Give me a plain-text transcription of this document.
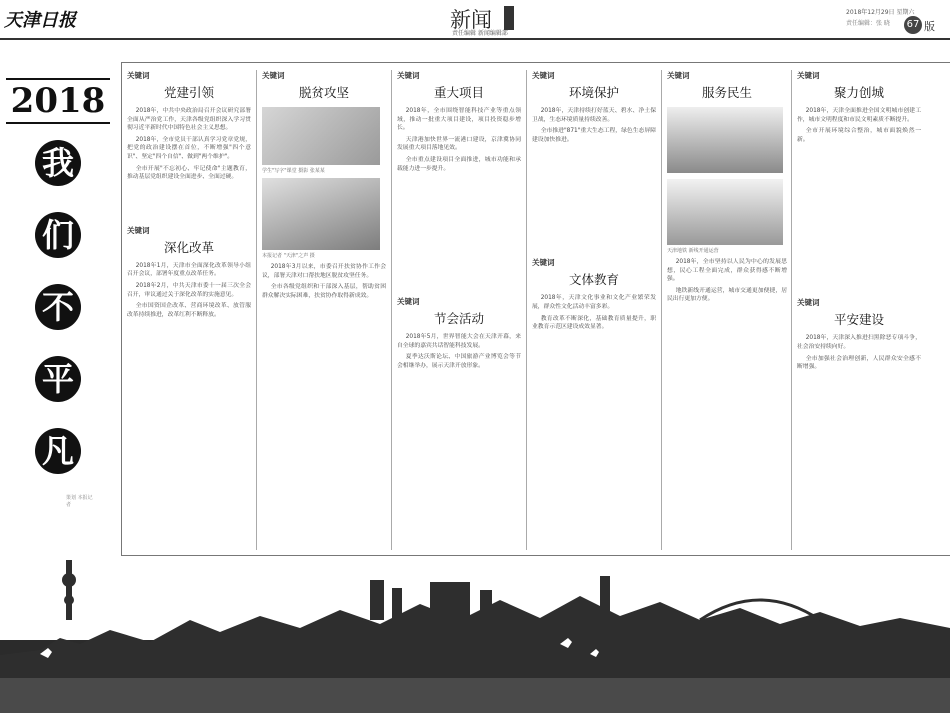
天津日报	新闻
责任编辑 新闻编辑部
2018年12月29日 星期六
责任编辑：张 晓 67 版
2018
我
们
不
平
凡
策划 本报记者
关键词
党建引领

2018年，中共中央政治局召开会议研究部署全面从严治党工作，天津各级党组织深入学习贯彻习近平新时代中国特色社会主义思想。

2018年，全市党员干部认真学习党章党规，把党的政治建设摆在首位，不断增强"四个意识"、坚定"四个自信"、做到"两个维护"。

全市开展"不忘初心、牢记使命"主题教育，推动基层党组织建设全面进步、全面过硬。

关键词
深化改革

2018年1月，天津市全面深化改革领导小组召开会议，部署年度重点改革任务。

2018年2月，中共天津市委十一届三次全会召开，审议通过关于深化改革的实施意见。

全市国资国企改革、营商环境改革、放管服改革持续推进，改革红利不断释放。

关键词
脱贫攻坚
学生"写字"课堂 摄影 张某某
本报记者 "天津"之声 摄

2018年3月以来，市委召开扶贫协作工作会议，部署天津对口帮扶地区脱贫攻坚任务。

全市各级党组织和干部深入基层，帮助贫困群众解决实际困难，扶贫协作取得新成效。

关键词
重大项目

2018年，全市围绕智能科技产业等重点领域，推动一批重大项目建设，项目投资稳步增长。

天津港加快世界一流港口建设，京津冀协同发展重大项目落地见效。

全市重点建设项目全面推进，城市功能和承载能力进一步提升。

关键词
节会活动

2018年5月，世界智能大会在天津开幕，来自全球的嘉宾共话智能科技发展。

夏季达沃斯论坛、中国旅游产业博览会等节会相继举办，展示天津开放形象。

关键词
环境保护

2018年，天津持续打好蓝天、碧水、净土保卫战，生态环境质量持续改善。

全市推进"871"重大生态工程，绿色生态屏障建设加快推进。

关键词
文体教育

2018年，天津文化事业和文化产业繁荣发展，群众性文化活动丰富多彩。

教育改革不断深化，基础教育质量提升，职业教育示范区建设成效显著。

关键词
服务民生
天津地铁 新线开通运营

2018年，全市坚持以人民为中心的发展思想，民心工程全面完成，群众获得感不断增强。

地铁新线开通运营，城市交通更加便捷，居民出行更加方便。

关键词
聚力创城

2018年，天津全面推进全国文明城市创建工作，城市文明程度和市民文明素质不断提升。

全市开展环境综合整治，城市面貌焕然一新。

关键词
平安建设

2018年，天津深入推进扫黑除恶专项斗争，社会治安持续向好。

全市加强社会治理创新，人民群众安全感不断增强。
